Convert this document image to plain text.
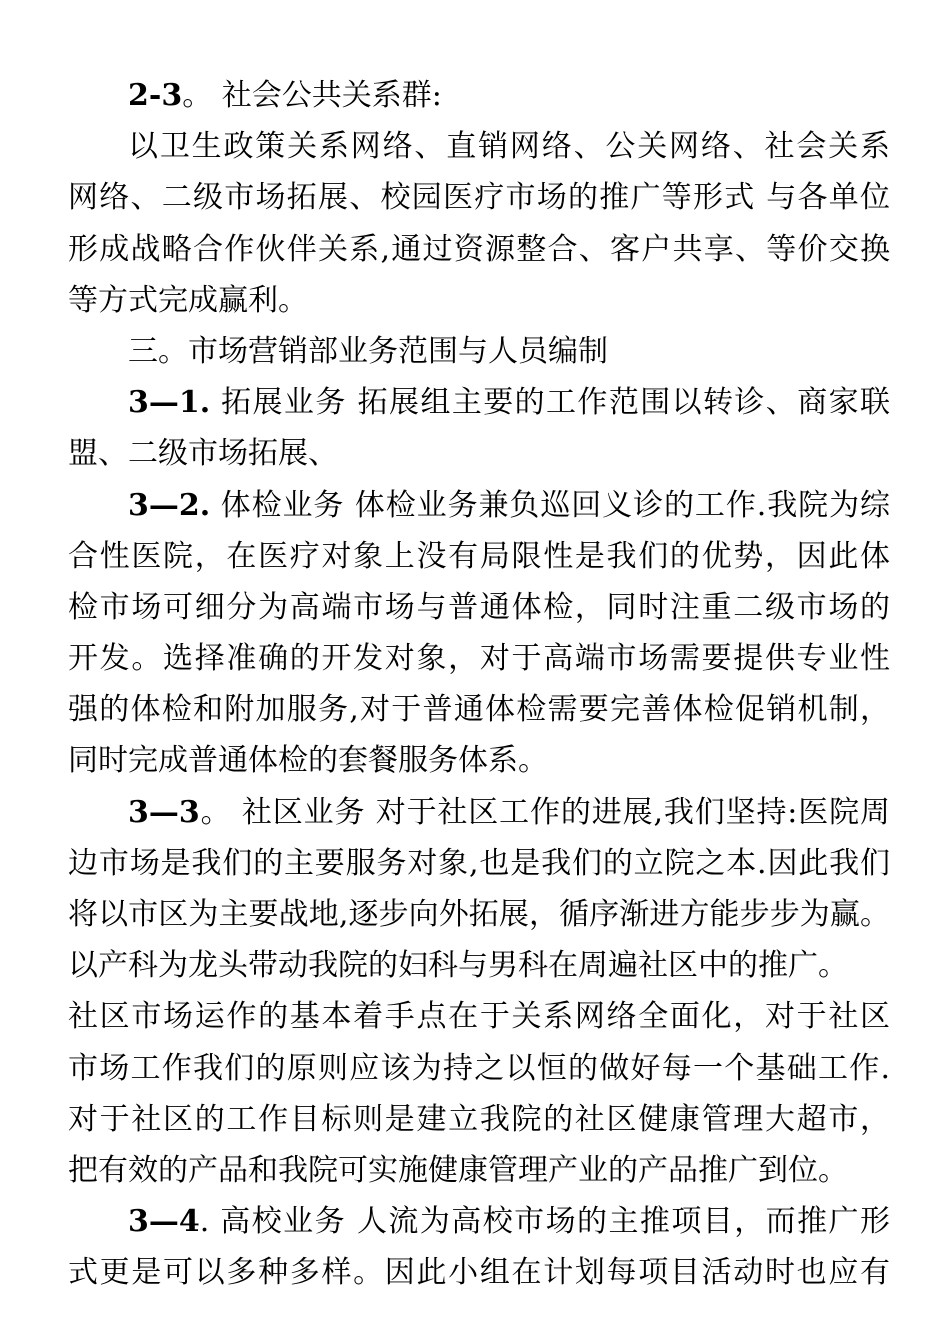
2-3。 社会公共关系群:
以卫生政策关系网络、直销网络、公关网络、社会关系
网络、二级市场拓展、校园医疗市场的推广等形式 与各单位
形成战略合作伙伴关系,通过资源整合、客户共享、等价交换
等方式完成赢利。
三。市场营销部业务范围与人员编制
3—1. 拓展业务 拓展组主要的工作范围以转诊、商家联
盟、二级市场拓展、
3—2. 体检业务 体检业务兼负巡回义诊的工作.我院为综
合性医院，在医疗对象上没有局限性是我们的优势，因此体
检市场可细分为高端市场与普通体检，同时注重二级市场的
开发。选择准确的开发对象，对于高端市场需要提供专业性
强的体检和附加服务,对于普通体检需要完善体检促销机制，
同时完成普通体检的套餐服务体系。
3—3。 社区业务 对于社区工作的进展,我们坚持:医院周
边市场是我们的主要服务对象,也是我们的立院之本.因此我们
将以市区为主要战地,逐步向外拓展，循序渐进方能步步为赢。
以产科为龙头带动我院的妇科与男科在周遍社区中的推广。
社区市场运作的基本着手点在于关系网络全面化，对于社区
市场工作我们的原则应该为持之以恒的做好每一个基础工作.
对于社区的工作目标则是建立我院的社区健康管理大超市，
把有效的产品和我院可实施健康管理产业的产品推广到位。
3—4. 高校业务 人流为高校市场的主推项目，而推广形
式更是可以多种多样。因此小组在计划每项目活动时也应有
